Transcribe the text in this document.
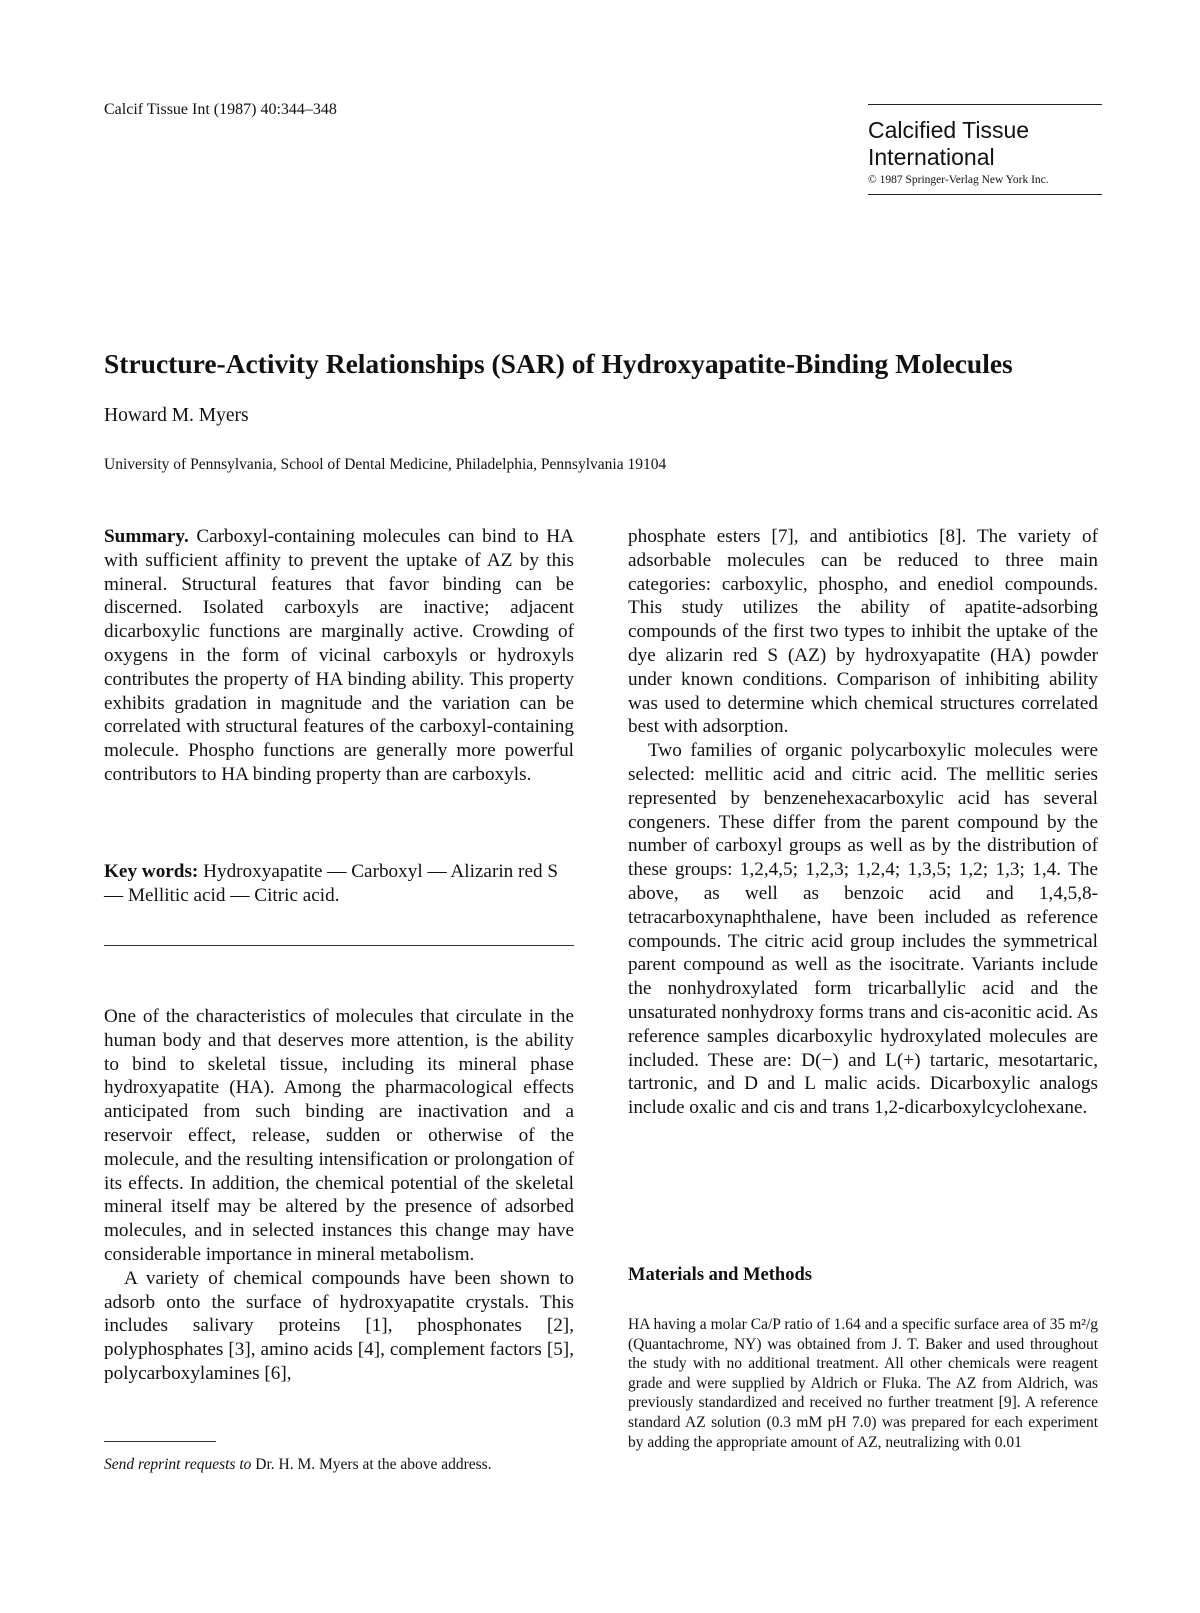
Calcif Tissue Int (1987) 40:344–348
Calcified Tissue International
© 1987 Springer-Verlag New York Inc.
Structure-Activity Relationships (SAR) of Hydroxyapatite-Binding Molecules
Howard M. Myers
University of Pennsylvania, School of Dental Medicine, Philadelphia, Pennsylvania 19104

Summary. Carboxyl-containing molecules can bind to HA with sufficient affinity to prevent the uptake of AZ by this mineral. Structural features that favor binding can be discerned. Isolated carboxyls are inactive; adjacent dicarboxylic functions are marginally active. Crowding of oxygens in the form of vicinal carboxyls or hydroxyls contributes the property of HA binding ability. This property exhibits gradation in magnitude and the variation can be correlated with structural features of the carboxyl-containing molecule. Phospho functions are generally more powerful contributors to HA binding property than are carboxyls.

Key words: Hydroxyapatite — Carboxyl — Alizarin red S — Mellitic acid — Citric acid.

One of the characteristics of molecules that circulate in the human body and that deserves more attention, is the ability to bind to skeletal tissue, including its mineral phase hydroxyapatite (HA). Among the pharmacological effects anticipated from such binding are inactivation and a reservoir effect, release, sudden or otherwise of the molecule, and the resulting intensification or prolongation of its effects. In addition, the chemical potential of the skeletal mineral itself may be altered by the presence of adsorbed molecules, and in selected instances this change may have considerable importance in mineral metabolism.

A variety of chemical compounds have been shown to adsorb onto the surface of hydroxyapatite crystals. This includes salivary proteins [1], phosphonates [2], polyphosphates [3], amino acids [4], complement factors [5], polycarboxylamines [6],

Send reprint requests to Dr. H. M. Myers at the above address.

phosphate esters [7], and antibiotics [8]. The variety of adsorbable molecules can be reduced to three main categories: carboxylic, phospho, and enediol compounds. This study utilizes the ability of apatite-adsorbing compounds of the first two types to inhibit the uptake of the dye alizarin red S (AZ) by hydroxyapatite (HA) powder under known conditions. Comparison of inhibiting ability was used to determine which chemical structures correlated best with adsorption.

Two families of organic polycarboxylic molecules were selected: mellitic acid and citric acid. The mellitic series represented by benzenehexacarboxylic acid has several congeners. These differ from the parent compound by the number of carboxyl groups as well as by the distribution of these groups: 1,2,4,5; 1,2,3; 1,2,4; 1,3,5; 1,2; 1,3; 1,4. The above, as well as benzoic acid and 1,4,5,8-tetracarboxynaphthalene, have been included as reference compounds. The citric acid group includes the symmetrical parent compound as well as the isocitrate. Variants include the nonhydroxylated form tricarballylic acid and the unsaturated nonhydroxy forms trans and cis-aconitic acid. As reference samples dicarboxylic hydroxylated molecules are included. These are: D(−) and L(+) tartaric, mesotartaric, tartronic, and D and L malic acids. Dicarboxylic analogs include oxalic and cis and trans 1,2-dicarboxylcyclohexane.

Materials and Methods

HA having a molar Ca/P ratio of 1.64 and a specific surface area of 35 m²/g (Quantachrome, NY) was obtained from J. T. Baker and used throughout the study with no additional treatment. All other chemicals were reagent grade and were supplied by Aldrich or Fluka. The AZ from Aldrich, was previously standardized and received no further treatment [9]. A reference standard AZ solution (0.3 mM pH 7.0) was prepared for each experiment by adding the appropriate amount of AZ, neutralizing with 0.01
